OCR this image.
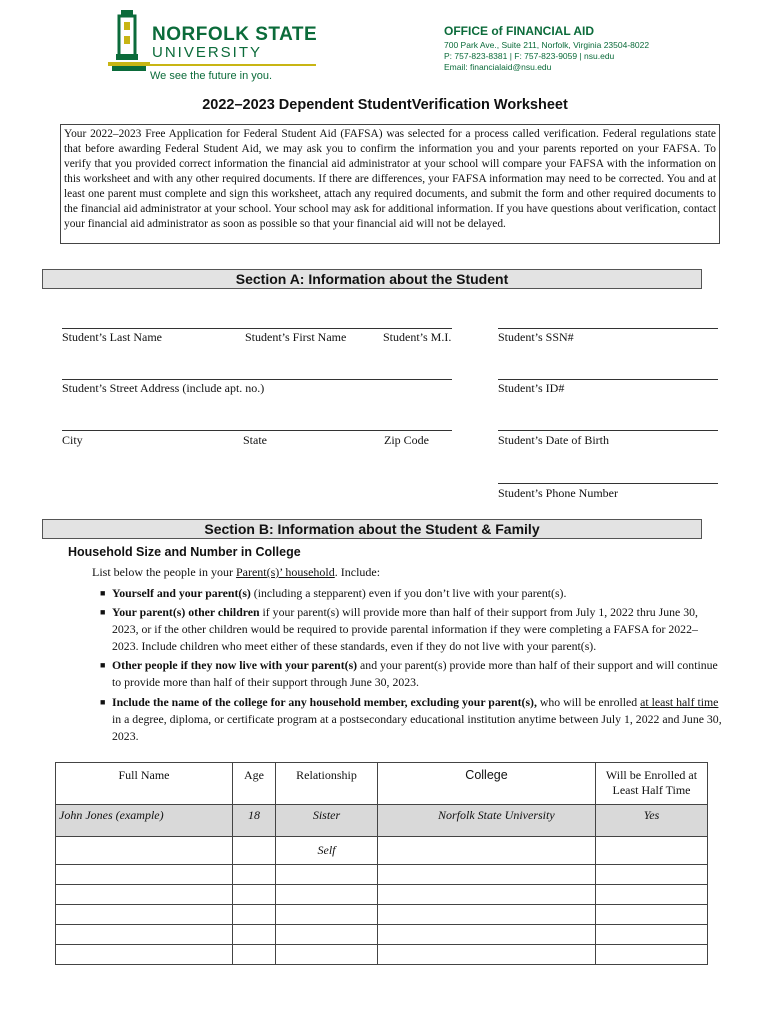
NORFOLK STATE
UNIVERSITY
We see the future in you.
OFFICE of FINANCIAL AID
700 Park Ave., Suite 211, Norfolk, Virginia 23504-8022
P: 757-823-8381 | F: 757-823-9059 | nsu.edu
Email: financialaid@nsu.edu
2022–2023 Dependent StudentVerification Worksheet
Your 2022–2023 Free Application for Federal Student Aid (FAFSA) was selected for a process called verification. Federal regulations state that before awarding Federal Student Aid, we may ask you to confirm the information you and your parents reported on your FAFSA. To verify that you provided correct information the financial aid administrator at your school will compare your FAFSA with the information on this worksheet and with any other required documents. If there are differences, your FAFSA information may need to be corrected. You and at least one parent must complete and sign this worksheet, attach any required documents, and submit the form and other required documents to the financial aid administrator at your school. Your school may ask for additional information. If you have questions about verification, contact your financial aid administrator as soon as possible so that your financial aid will not be delayed.
Section A: Information about the Student
Student’s Last Name	Student’s First Name	Student’s M.I.	Student’s SSN#
Student’s Street Address (include apt. no.)	Student’s ID#
City	State	Zip Code	Student’s Date of Birth
Student’s Phone Number
Section B: Information about the Student & Family
Household Size and Number in College
List below the people in your Parent(s)’ household. Include:
■ Yourself and your parent(s) (including a stepparent) even if you don’t live with your parent(s).
■ Your parent(s) other children if your parent(s) will provide more than half of their support from July 1, 2022 thru June 30, 2023, or if the other children would be required to provide parental information if they were completing a FAFSA for 2022–2023. Include children who meet either of these standards, even if they do not live with your parent(s).
■ Other people if they now live with your parent(s) and your parent(s) provide more than half of their support and will continue to provide more than half of their support through June 30, 2023.
■ Include the name of the college for any household member, excluding your parent(s), who will be enrolled at least half time in a degree, diploma, or certificate program at a postsecondary educational institution anytime between July 1, 2022 and June 30, 2023.
Full Name	Age	Relationship	College	Will be Enrolled at Least Half Time
John Jones (example)	18	Sister	Norfolk State University	Yes
		Self		
